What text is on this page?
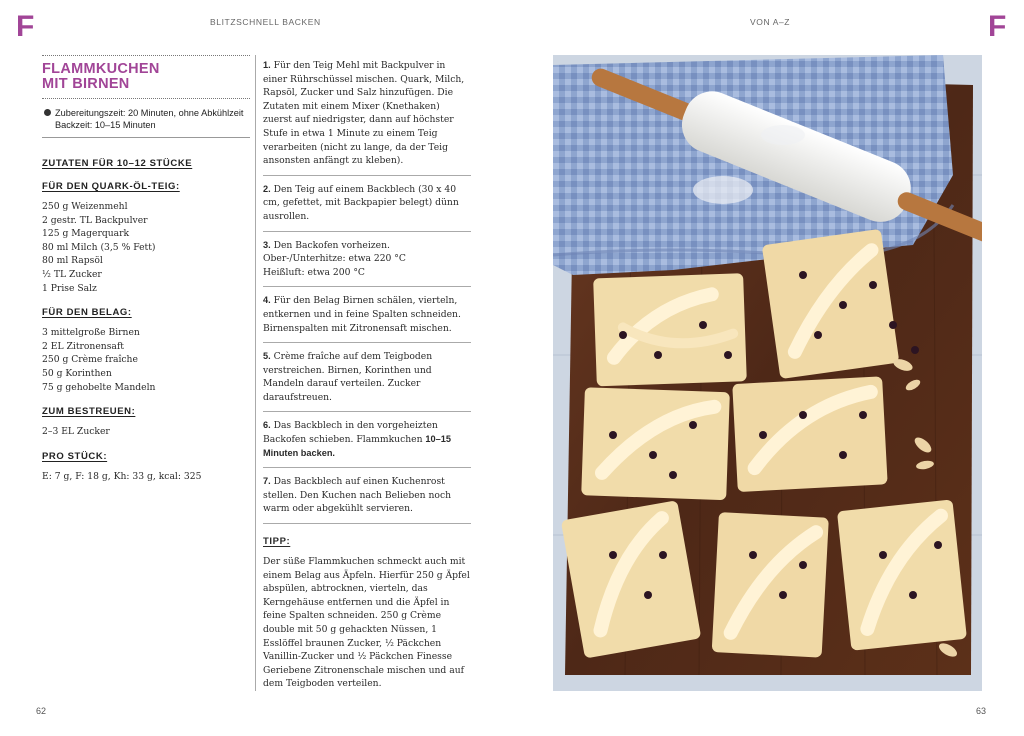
F	BLITZSCHNELL BACKEN	VON A–Z	F
FLAMMKUCHEN
MIT BIRNEN
Zubereitungszeit: 20 Minuten, ohne Abkühlzeit
Backzeit: 10–15 Minuten
ZUTATEN FÜR 10–12 STÜCKE
FÜR DEN QUARK-ÖL-TEIG:
250 g Weizenmehl
2 gestr. TL Backpulver
125 g Magerquark
80 ml Milch (3,5 % Fett)
80 ml Rapsöl
½ TL Zucker
1 Prise Salz
FÜR DEN BELAG:
3 mittelgroße Birnen
2 EL Zitronensaft
250 g Crème fraîche
50 g Korinthen
75 g gehobelte Mandeln
ZUM BESTREUEN:
2–3 EL Zucker
PRO STÜCK:
E: 7 g, F: 18 g, Kh: 33 g, kcal: 325
1. Für den Teig Mehl mit Backpulver in einer Rührschüssel mischen. Quark, Milch, Rapsöl, Zucker und Salz hinzufügen. Die Zutaten mit einem Mixer (Knethaken) zuerst auf niedrigster, dann auf höchster Stufe in etwa 1 Minute zu einem Teig verarbeiten (nicht zu lange, da der Teig ansonsten anfängt zu kleben).
2. Den Teig auf einem Backblech (30 x 40 cm, gefettet, mit Backpapier belegt) dünn ausrollen.
3. Den Backofen vorheizen.
Ober-/Unterhitze: etwa 220 °C
Heißluft: etwa 200 °C
4. Für den Belag Birnen schälen, vierteln, entkernen und in feine Spalten schneiden. Birnenspalten mit Zitronensaft mischen.
5. Crème fraîche auf dem Teigboden verstreichen. Birnen, Korinthen und Mandeln darauf verteilen. Zucker daraufstreuen.
6. Das Backblech in den vorgeheizten Backofen schieben. Flammkuchen 10–15 Minuten backen.
7. Das Backblech auf einen Kuchenrost stellen. Den Kuchen nach Belieben noch warm oder abgekühlt servieren.
TIPP:
Der süße Flammkuchen schmeckt auch mit einem Belag aus Äpfeln. Hierfür 250 g Äpfel abspülen, abtrocknen, vierteln, das Kerngehäuse entfernen und die Äpfel in feine Spalten schneiden. 250 g Crème double mit 50 g gehackten Nüssen, 1 Esslöffel braunen Zucker, ½ Päckchen Vanillin-Zucker und ½ Päckchen Finesse Geriebene Zitronenschale mischen und auf dem Teigboden verteilen.
62	63
